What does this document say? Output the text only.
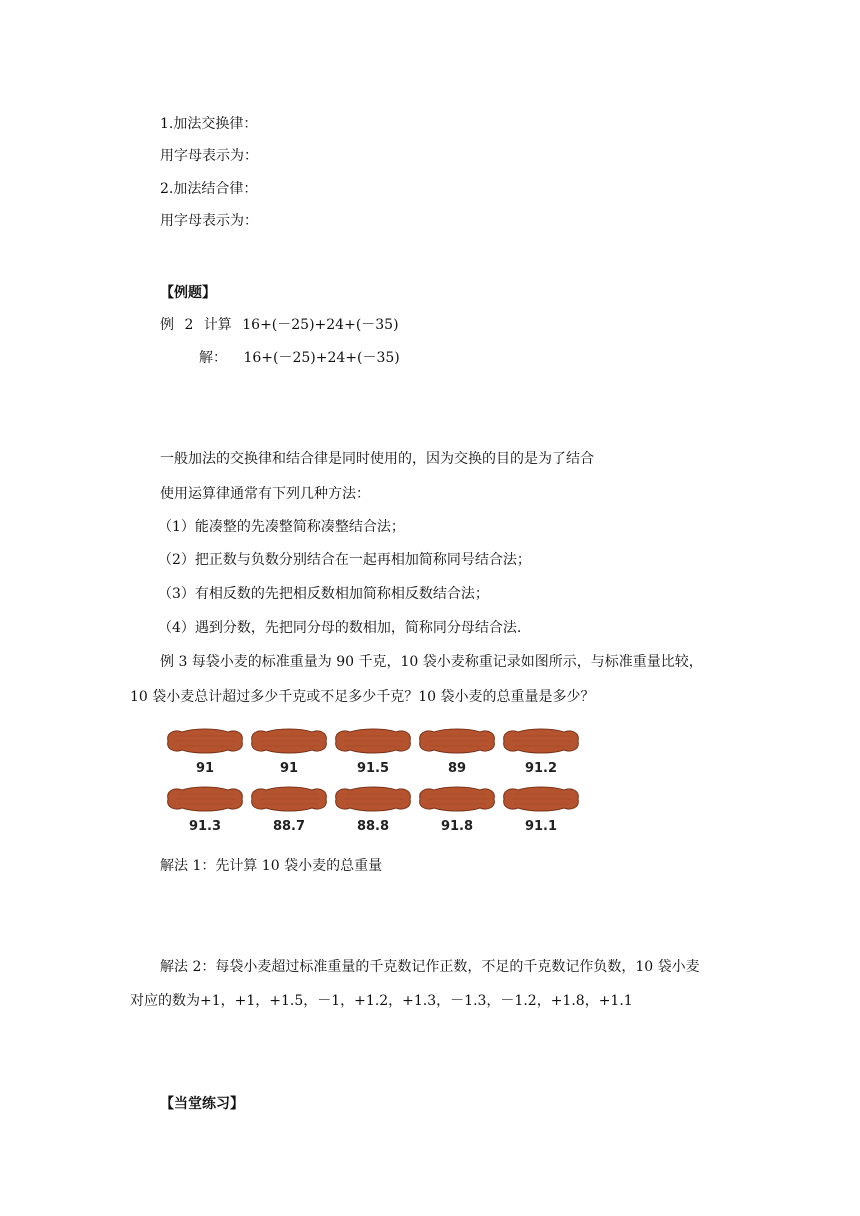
1.加法交换律：
用字母表示为：
2.加法结合律：
用字母表示为：
【例题】
例 2 计算 16+(－25)+24+(－35)
解： 16+(－25)+24+(－35)
一般加法的交换律和结合律是同时使用的，因为交换的目的是为了结合
使用运算律通常有下列几种方法：
（1）能凑整的先凑整简称凑整结合法；
（2）把正数与负数分别结合在一起再相加简称同号结合法；
（3）有相反数的先把相反数相加简称相反数结合法；
（4）遇到分数，先把同分母的数相加，简称同分母结合法.
例 3 每袋小麦的标准重量为 90 千克，10 袋小麦称重记录如图所示，与标准重量比较，
10 袋小麦总计超过多少千克或不足多少千克？10 袋小麦的总重量是多少？
91	91	91.5	89	91.2
91.3	88.7	88.8	91.8	91.1
解法 1：先计算 10 袋小麦的总重量
解法 2：每袋小麦超过标准重量的千克数记作正数，不足的千克数记作负数，10 袋小麦
对应的数为+1，+1，+1.5，－1，+1.2，+1.3，－1.3，－1.2，+1.8，+1.1
【当堂练习】
